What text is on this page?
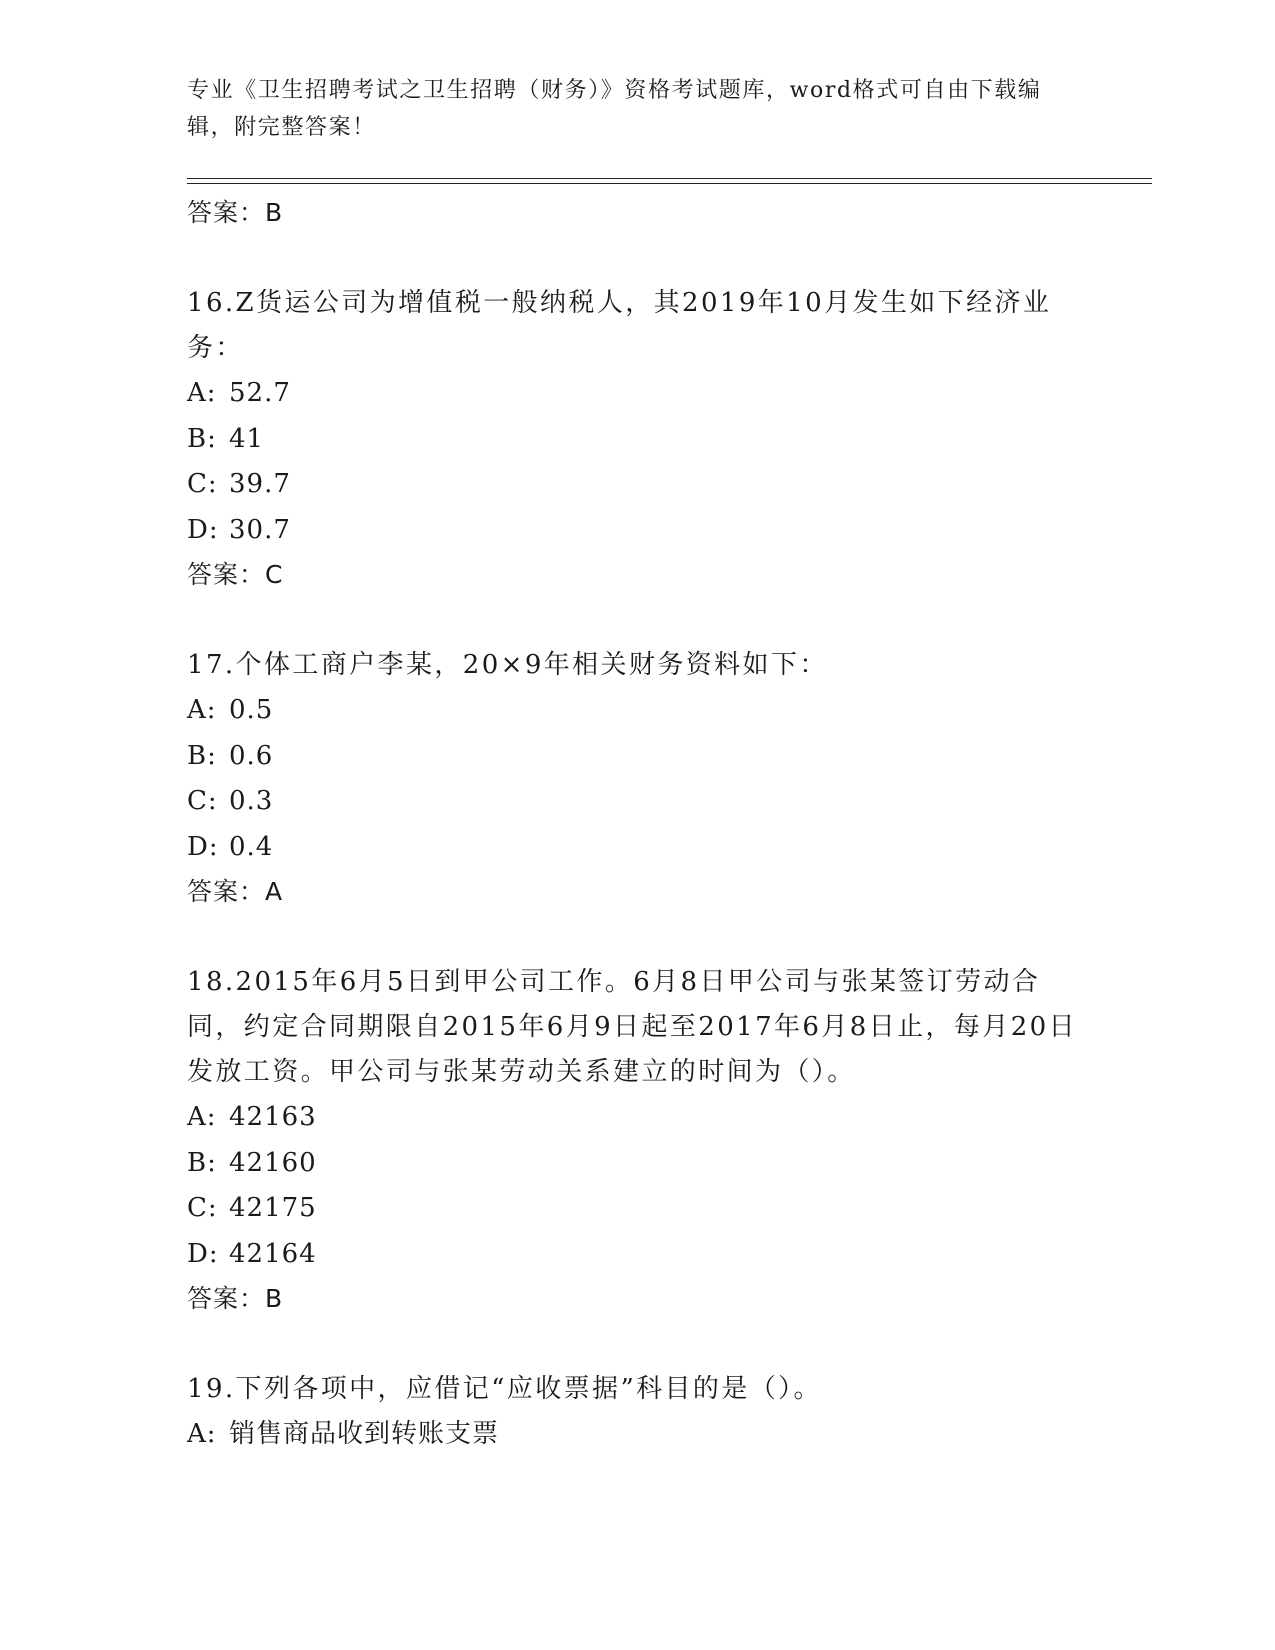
专业《卫生招聘考试之卫生招聘（财务）》资格考试题库，word格式可自由下载编辑，附完整答案！
答案：B
16.Z货运公司为增值税一般纳税人，其2019年10月发生如下经济业务：
A: 52.7
B: 41
C: 39.7
D: 30.7
答案：C
17.个体工商户李某，20×9年相关财务资料如下：
A: 0.5
B: 0.6
C: 0.3
D: 0.4
答案：A
18.2015年6月5日到甲公司工作。6月8日甲公司与张某签订劳动合同，约定合同期限自2015年6月9日起至2017年6月8日止，每月20日发放工资。甲公司与张某劳动关系建立的时间为（）。
A: 42163
B: 42160
C: 42175
D: 42164
答案：B
19.下列各项中，应借记“应收票据”科目的是（）。
A: 销售商品收到转账支票
